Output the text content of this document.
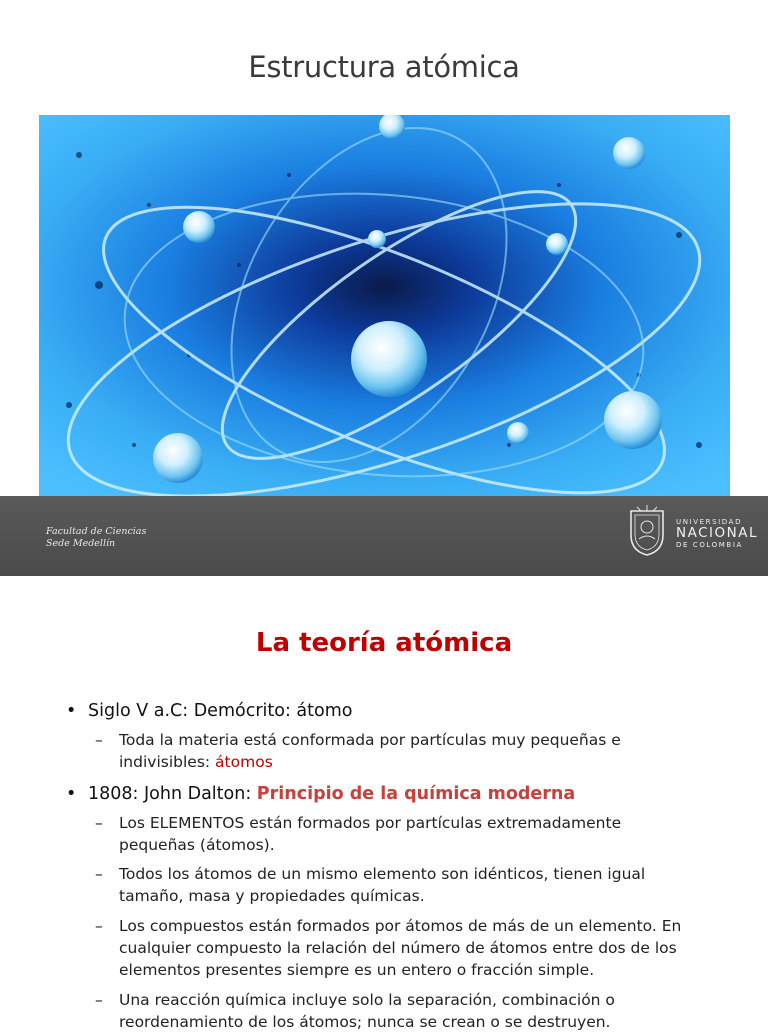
Estructura atómica
Facultad de Ciencias
Sede Medellín
UNIVERSIDAD
NACIONAL
DE COLOMBIA
La teoría atómica
• Siglo V a.C: Demócrito: átomo
– Toda la materia está conformada por partículas muy pequeñas e
indivisibles: átomos
• 1808: John Dalton: Principio de la química moderna
– Los ELEMENTOS están formados por partículas extremadamente
pequeñas (átomos).
– Todos los átomos de un mismo elemento son idénticos, tienen igual
tamaño, masa y propiedades químicas.
– Los compuestos están formados por átomos de más de un elemento. En
cualquier compuesto la relación del número de átomos entre dos de los
elementos presentes siempre es un entero o fracción simple.
– Una reacción química incluye solo la separación, combinación o
reordenamiento de los átomos; nunca se crean o se destruyen.
